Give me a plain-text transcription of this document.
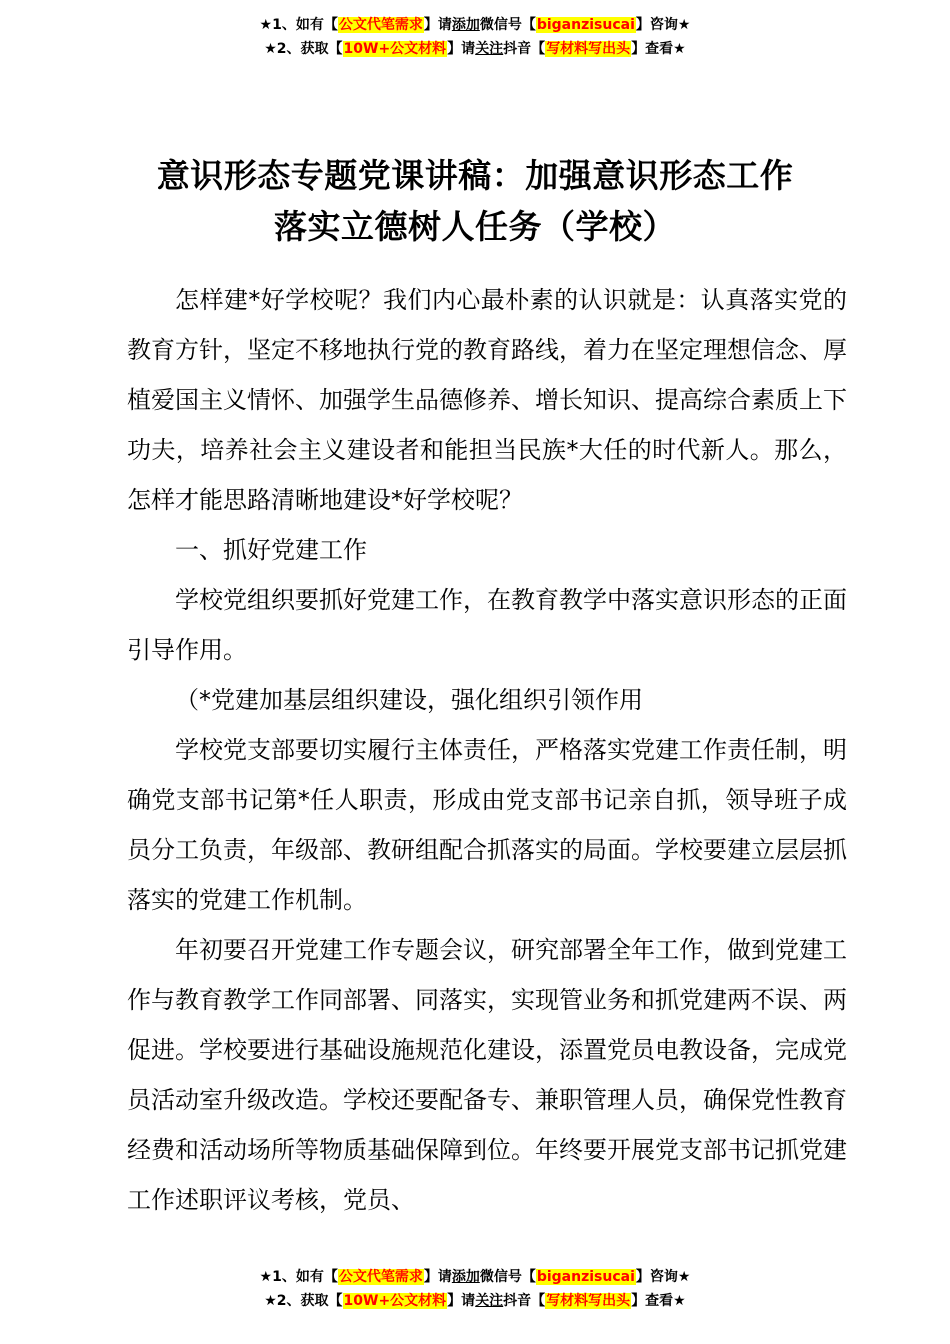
★1、如有【公文代笔需求】请添加微信号【biganzisucai】咨询★
★2、获取【10W+公文材料】请关注抖音【写材料写出头】查看★
意识形态专题党课讲稿：加强意识形态工作
落实立德树人任务（学校）

怎样建*好学校呢？我们内心最朴素的认识就是：认真落实党的教育方针，坚定不移地执行党的教育路线，着力在坚定理想信念、厚植爱国主义情怀、加强学生品德修养、增长知识、提高综合素质上下功夫，培养社会主义建设者和能担当民族*大任的时代新人。那么，怎样才能思路清晰地建设*好学校呢？

一、抓好党建工作

学校党组织要抓好党建工作，在教育教学中落实意识形态的正面引导作用。

（*党建加基层组织建设，强化组织引领作用

学校党支部要切实履行主体责任，严格落实党建工作责任制，明确党支部书记第*任人职责，形成由党支部书记亲自抓，领导班子成员分工负责，年级部、教研组配合抓落实的局面。学校要建立层层抓落实的党建工作机制。

年初要召开党建工作专题会议，研究部署全年工作，做到党建工作与教育教学工作同部署、同落实，实现管业务和抓党建两不误、两促进。学校要进行基础设施规范化建设，添置党员电教设备，完成党员活动室升级改造。学校还要配备专、兼职管理人员，确保党性教育经费和活动场所等物质基础保障到位。年终要开展党支部书记抓党建工作述职评议考核，党员、

★1、如有【公文代笔需求】请添加微信号【biganzisucai】咨询★
★2、获取【10W+公文材料】请关注抖音【写材料写出头】查看★
